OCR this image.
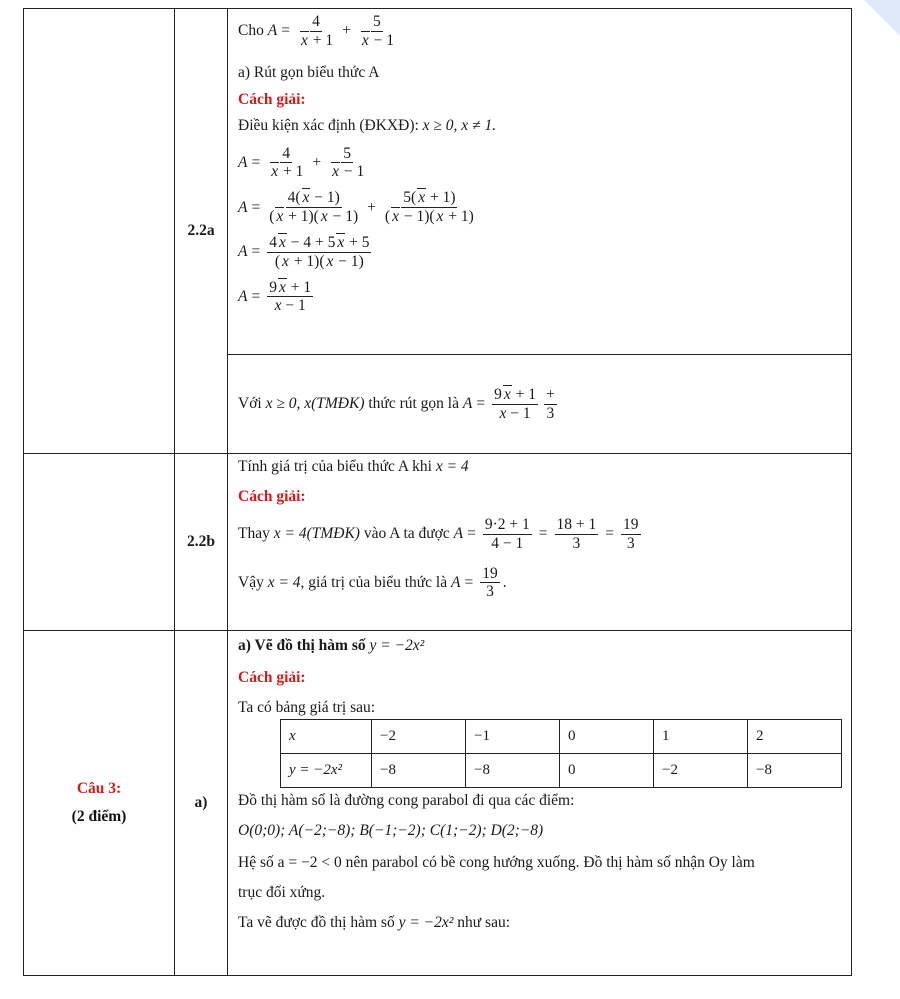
	2.2a	
Cho
$A = \frac{4}{x + 1} + \frac{5}{x - 1}$
a) Rút gọn biểu thức A
Cách giải:
Điều kiện xác định (ĐKXĐ):
x ≥ 0, x ≠ 1.
$A = \frac{4}{x + 1} + \frac{5}{x - 1}$
$A = \frac{4( x - 1)}{( x + 1)( x - 1)} + \frac{5( x + 1)}{( x - 1)( x + 1)}$
$A = \frac{4 x - 4 + 5 x + 5}{( x + 1)( x - 1)}$
$A = \frac{9 x + 1}{x - 1}$

Với
x ≥ 0, x(TMĐK)
thức rút gọn là
$A = \frac{9 x + 1}{x - 1} \frac{+}{3}$

	2.2b	
Tính giá trị của biểu thức A khi
x = 4
Cách giải:
Thay
x = 4(TMĐK)
vào A ta được
$A = \frac{9\cdot 2 + 1}{4 - 1} = \frac{18 + 1}{3} = \frac{19}{3}$
Vậy
x = 4 , giá trị của biểu thức là
$A = \frac{19}{3}$ .

Câu 3:
(2 điểm)
	a)	
a) Vẽ đồ thị hàm số
y = −2x²
Cách giải:
Ta có bảng giá trị sau:
x	−2	−1	0	1	2
y = −2x²	−8	−8	0	−2	−8
Đồ thị hàm số là đường cong parabol đi qua các điểm:
O(0;0); A(−2;−8); B(−1;−2); C(1;−2); D(2;−8)
Hệ số a = −2 < 0 nên parabol có bề cong hướng xuống. Đồ thị hàm số nhận Oy làm
trục đối xứng.
Ta vẽ được đồ thị hàm số
y = −2x²
như sau:
